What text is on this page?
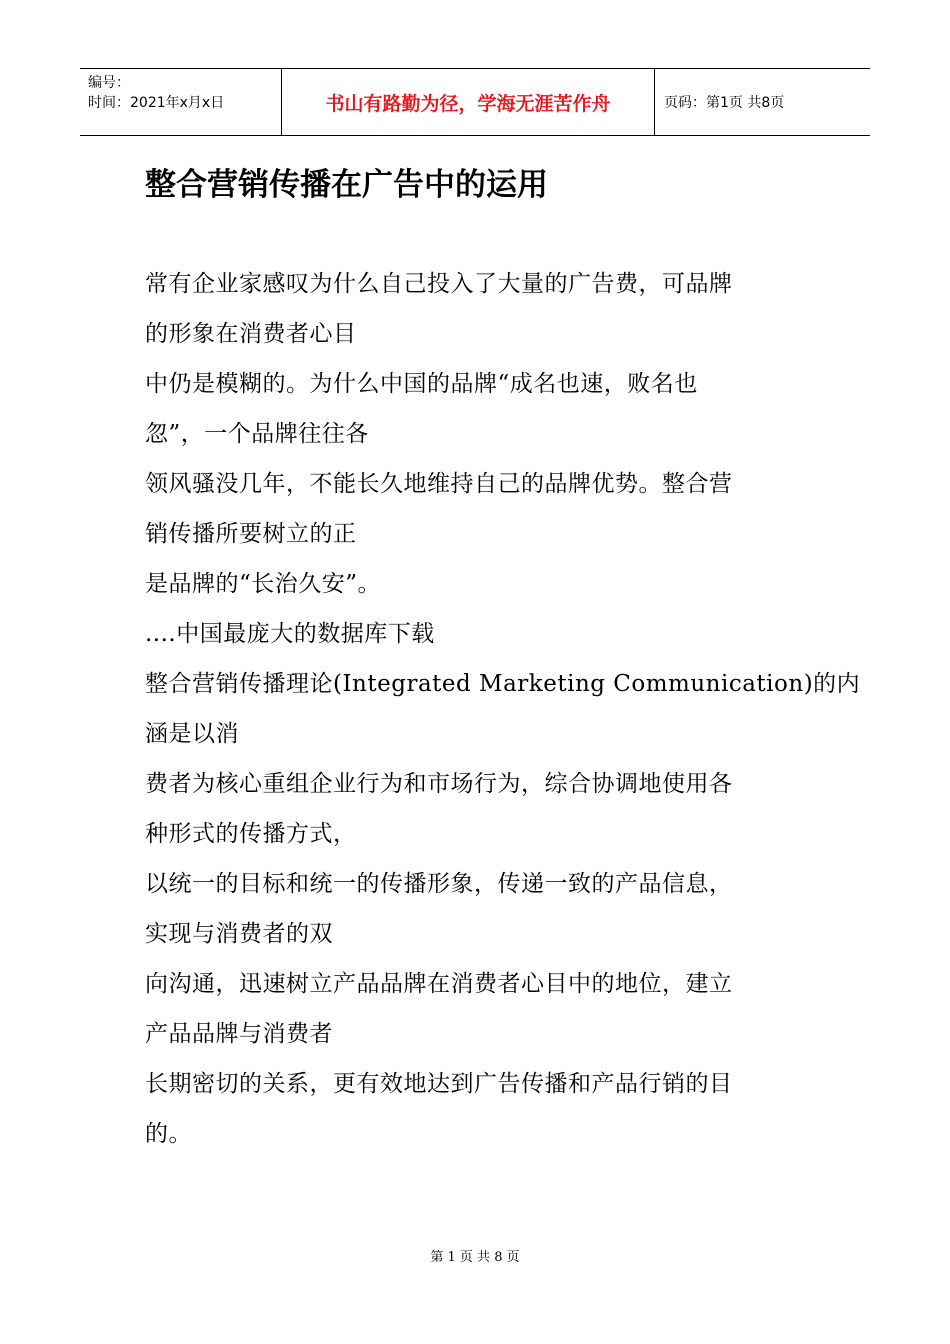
编号：
时间：2021年x月x日	书山有路勤为径，学海无涯苦作舟	页码：第1页 共8页
整合营销传播在广告中的运用
常有企业家感叹为什么自己投入了大量的广告费，可品牌
的形象在消费者心目
中仍是模糊的。为什么中国的品牌“成名也速，败名也
忽”，一个品牌往往各
领风骚没几年，不能长久地维持自己的品牌优势。整合营
销传播所要树立的正
是品牌的“长治久安”。
....中国最庞大的数据库下载
整合营销传播理论(Integrated Marketing Communication)的内
涵是以消
费者为核心重组企业行为和市场行为，综合协调地使用各
种形式的传播方式，
以统一的目标和统一的传播形象，传递一致的产品信息，
实现与消费者的双
向沟通，迅速树立产品品牌在消费者心目中的地位，建立
产品品牌与消费者
长期密切的关系，更有效地达到广告传播和产品行销的目
的。
第 1 页 共 8 页
